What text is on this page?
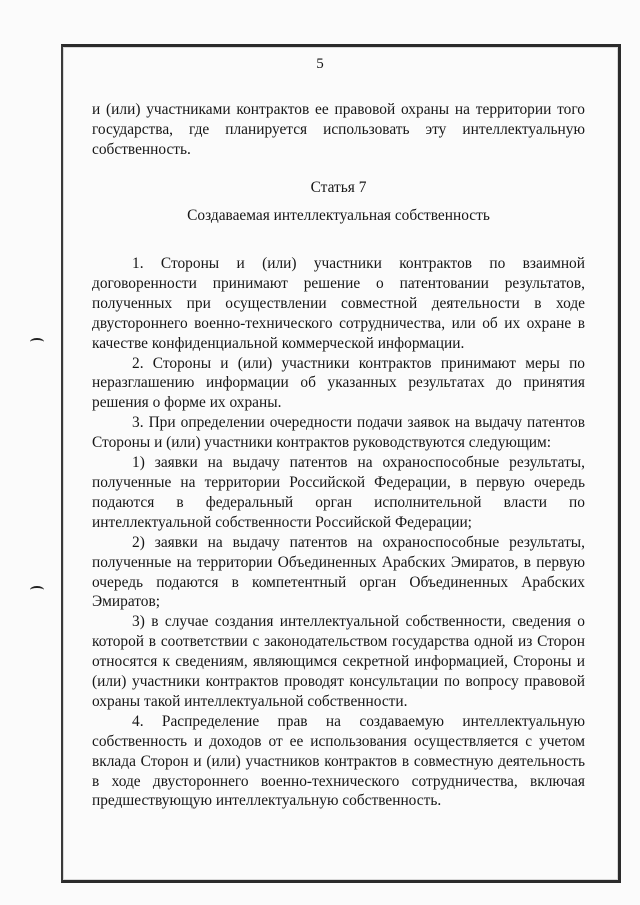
5

и (или) участниками контрактов ее правовой охраны на территории того государства, где планируется использовать эту интеллектуальную собственность.

Статья 7

Создаваемая интеллектуальная собственность

1. Стороны и (или) участники контрактов по взаимной договоренности принимают решение о патентовании результатов, полученных при осуществлении совместной деятельности в ходе двустороннего военно-технического сотрудничества, или об их охране в качестве конфиденциальной коммерческой информации.

2. Стороны и (или) участники контрактов принимают меры по неразглашению информации об указанных результатах до принятия решения о форме их охраны.

3. При определении очередности подачи заявок на выдачу патентов Стороны и (или) участники контрактов руководствуются следующим:

1) заявки на выдачу патентов на охраноспособные результаты, полученные на территории Российской Федерации, в первую очередь подаются в федеральный орган исполнительной власти по интеллектуальной собственности Российской Федерации;

2) заявки на выдачу патентов на охраноспособные результаты, полученные на территории Объединенных Арабских Эмиратов, в первую очередь подаются в компетентный орган Объединенных Арабских Эмиратов;

3) в случае создания интеллектуальной собственности, сведения о которой в соответствии с законодательством государства одной из Сторон относятся к сведениям, являющимся секретной информацией, Стороны и (или) участники контрактов проводят консультации по вопросу правовой охраны такой интеллектуальной собственности.

4. Распределение прав на создаваемую интеллектуальную собственность и доходов от ее использования осуществляется с учетом вклада Сторон и (или) участников контрактов в совместную деятельность в ходе двустороннего военно-технического сотрудничества, включая предшествующую интеллектуальную собственность.
